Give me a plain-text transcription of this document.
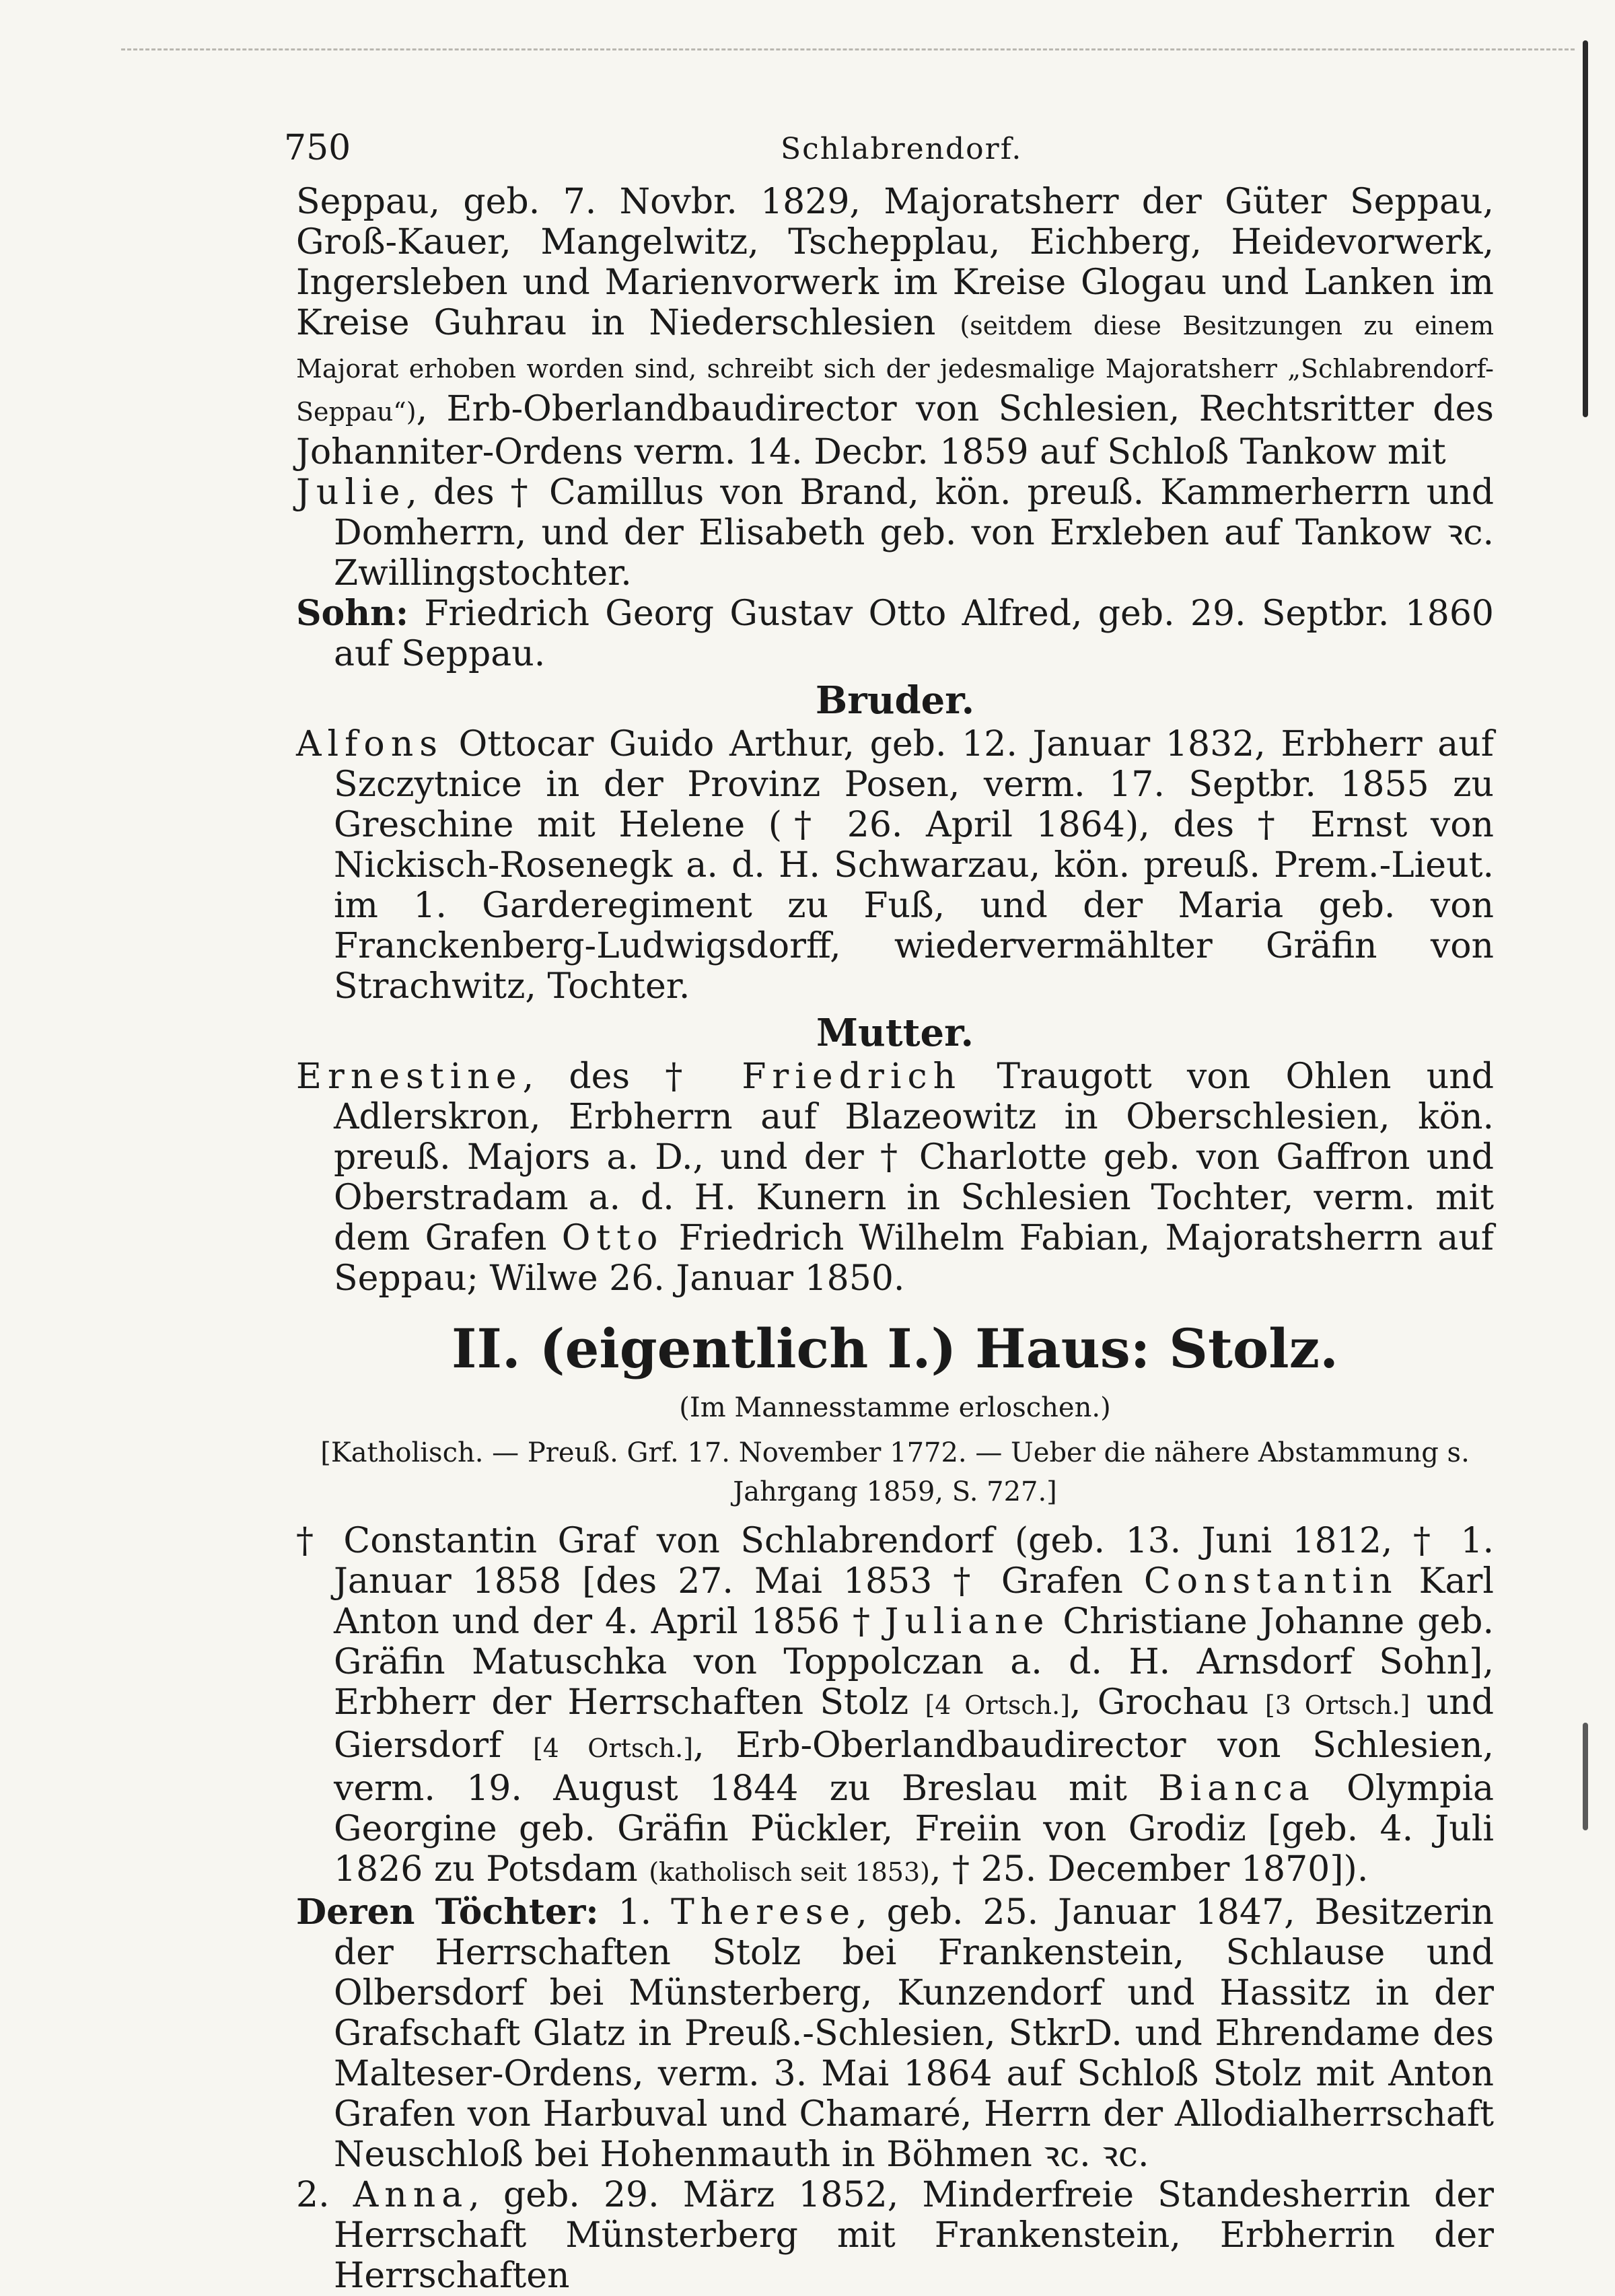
750	Schlabrendorf.

Seppau, geb. 7. Novbr. 1829, Majoratsherr der Güter Seppau, Groß-Kauer, Mangelwitz, Tschepplau, Eichberg, Heidevorwerk, Ingersleben und Marienvorwerk im Kreise Glogau und Lanken im Kreise Guhrau in Niederschlesien (seitdem diese Besitzungen zu einem Majorat erhoben worden sind, schreibt sich der jedesmalige Majoratsherr „Schlabrendorf-Seppau“), Erb-Oberlandbaudirector von Schlesien, Rechtsritter des Johanniter-Ordens verm. 14. Decbr. 1859 auf Schloß Tankow mit

Julie, des † Camillus von Brand, kön. preuß. Kammerherrn und Domherrn, und der Elisabeth geb. von Erxleben auf Tankow ꝛc. Zwillingstochter.

Sohn: Friedrich Georg Gustav Otto Alfred, geb. 29. Septbr. 1860 auf Seppau.

Bruder.

Alfons Ottocar Guido Arthur, geb. 12. Januar 1832, Erbherr auf Szczytnice in der Provinz Posen, verm. 17. Septbr. 1855 zu Greschine mit Helene († 26. April 1864), des † Ernst von Nickisch-Rosenegk a. d. H. Schwarzau, kön. preuß. Prem.-Lieut. im 1. Garderegiment zu Fuß, und der Maria geb. von Franckenberg-Ludwigsdorff, wiedervermählter Gräfin von Strachwitz, Tochter.

Mutter.

Ernestine, des † Friedrich Traugott von Ohlen und Adlerskron, Erbherrn auf Blazeowitz in Oberschlesien, kön. preuß. Majors a. D., und der † Charlotte geb. von Gaffron und Oberstradam a. d. H. Kunern in Schlesien Tochter, verm. mit dem Grafen Otto Friedrich Wilhelm Fabian, Majoratsherrn auf Seppau; Wilwe 26. Januar 1850.

II. (eigentlich I.) Haus: Stolz.

(Im Mannesstamme erloschen.)

[Katholisch. — Preuß. Grf. 17. November 1772. — Ueber die nähere Abstammung s. Jahrgang 1859, S. 727.]

† Constantin Graf von Schlabrendorf (geb. 13. Juni 1812, † 1. Januar 1858 [des 27. Mai 1853 † Grafen Constantin Karl Anton und der 4. April 1856 † Juliane Christiane Johanne geb. Gräfin Matuschka von Toppolczan a. d. H. Arnsdorf Sohn], Erbherr der Herrschaften Stolz [4 Ortsch.], Grochau [3 Ortsch.] und Giersdorf [4 Ortsch.], Erb-Oberlandbaudirector von Schlesien, verm. 19. August 1844 zu Breslau mit Bianca Olympia Georgine geb. Gräfin Pückler, Freiin von Grodiz [geb. 4. Juli 1826 zu Potsdam (katholisch seit 1853), † 25. December 1870]).

Deren Töchter: 1. Therese, geb. 25. Januar 1847, Besitzerin der Herrschaften Stolz bei Frankenstein, Schlause und Olbersdorf bei Münsterberg, Kunzendorf und Hassitz in der Grafschaft Glatz in Preuß.-Schlesien, StkrD. und Ehrendame des Malteser-Ordens, verm. 3. Mai 1864 auf Schloß Stolz mit Anton Grafen von Harbuval und Chamaré, Herrn der Allodialherrschaft Neuschloß bei Hohenmauth in Böhmen ꝛc. ꝛc.

2. Anna, geb. 29. März 1852, Minderfreie Standesherrin der Herrschaft Münsterberg mit Frankenstein, Erbherrin der Herrschaften
